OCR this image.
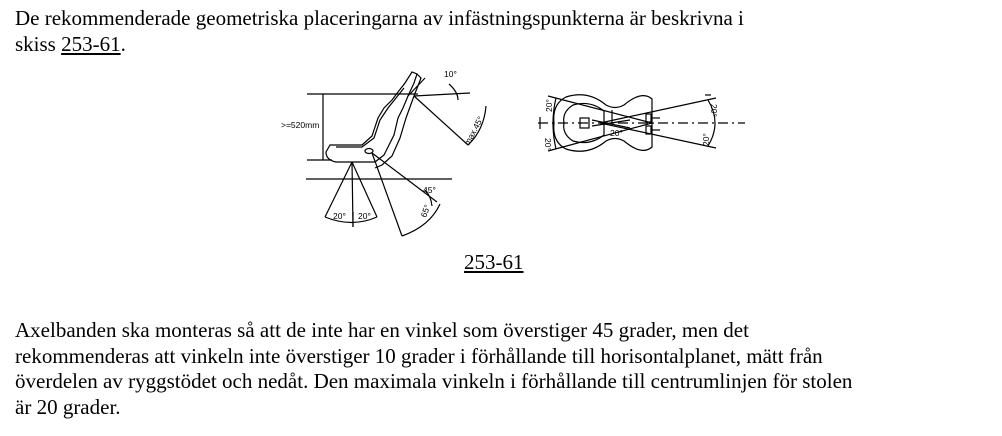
De rekommenderade geometriska placeringarna av infästningspunkterna är beskrivna i
skiss 253-61.

>=520mm
10°
max.45°
20° 20°
45°
65°
20°
20°
20°
20°
20°
253-61

Axelbanden ska monteras så att de inte har en vinkel som överstiger 45 grader, men det
rekommenderas att vinkeln inte överstiger 10 grader i förhållande till horisontalplanet, mätt från
överdelen av ryggstödet och nedåt. Den maximala vinkeln i förhållande till centrumlinjen för stolen
är 20 grader.
